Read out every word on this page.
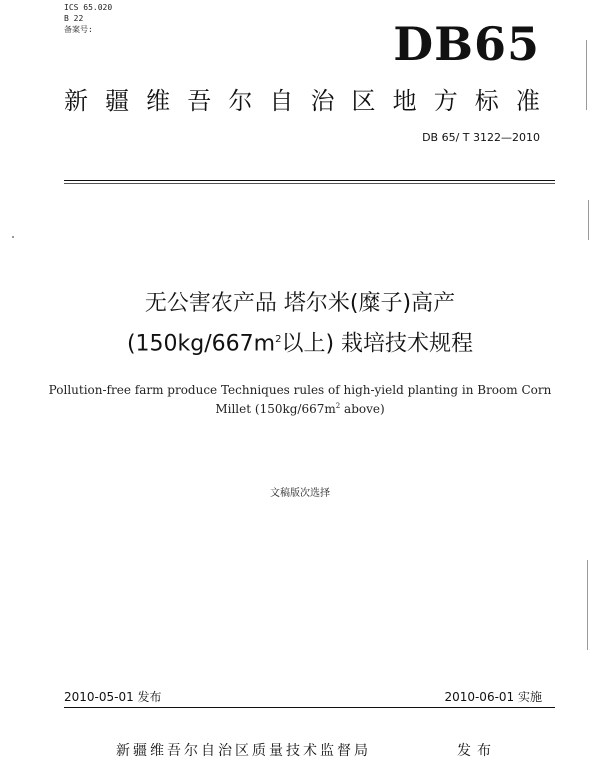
ICS 65.020
B 22
备案号:	DB65
新 疆 维 吾 尔 自 治 区 地 方 标 准
DB 65/ T 3122—2010
无公害农产品 塔尔米(糜子)高产
($150kg/667m^2$以上) 栽培技术规程
Pollution-free farm produce Techniques rules of high-yield planting in Broom Corn
Millet ($150kg/667m^2$ above)
文稿版次选择
2010-05-01 发布	2010-06-01 实施
新疆维吾尔自治区质量技术监督局	发布
